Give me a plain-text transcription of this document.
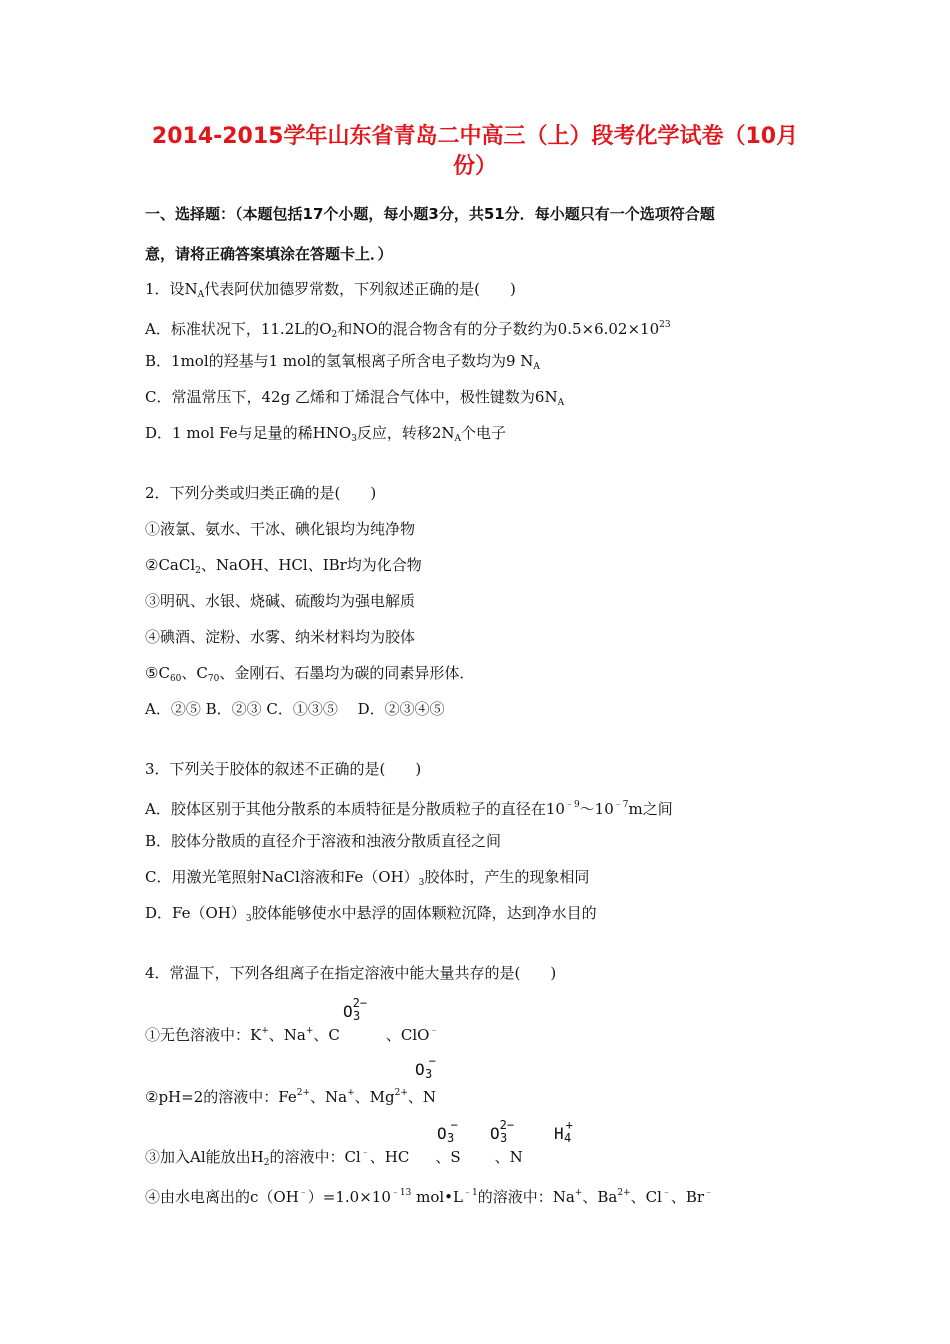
2014-2015学年山东省青岛二中高三（上）段考化学试卷（10月
份）
一、选择题：（本题包括17个小题，每小题3分，共51分．每小题只有一个选项符合题
意，请将正确答案填涂在答题卡上．）
1．设$N_A$代表阿伏加德罗常数，下列叙述正确的是(　　)
A．标准状况下，11.2L的$O_2$和NO的混合物含有的分子数约为$0.5\times 6.02\times 10^{23}$
B．1mol的羟基与1 mol的氢氧根离子所含电子数均为9 $N_A$
C．常温常压下，42g 乙烯和丁烯混合气体中，极性键数为$6N_A$
D．1 mol Fe与足量的稀$HNO_3$反应，转移$2N_A$个电子
2．下列分类或归类正确的是(　　)
①液氯、氨水、干冰、碘化银均为纯净物
②CaCl$_2$、NaOH、HCl、IBr均为化合物
③明矾、水银、烧碱、硫酸均为强电解质
④碘酒、淀粉、水雾、纳米材料均为胶体
$⑤C_{60}$、$C_{70}$、金刚石、石墨均为碳的同素异形体．
A．②⑤ B．②③ C．①③⑤　 D．②③④⑤
3．下列关于胶体的叙述不正确的是(　　)
A．胶体区别于其他分散系的本质特征是分散质粒子的直径在$10^{﹣9}\sim 10^{﹣7}m$之间
B．胶体分散质的直径介于溶液和浊液分散质直径之间
C．用激光笔照射NaCl溶液和$Fe(OH)_3$胶体时，产生的现象相同
D．$Fe(OH)_3$胶体能够使水中悬浮的固体颗粒沉降，达到净水目的
4．常温下，下列各组离子在指定溶液中能大量共存的是(　　)
①无色溶液中：K+、Na+、C	、ClO﹣
$O^{2-}$
$^3$
②pH=2的溶液中：$Fe^{2+}$、Na+、$Mg^{2+}$、N
O −
$^3$
③加入Al能放出$H_2$的溶液中：Cl﹣、HC 、S 、N
O −
$^3$ $O^{2-}$
$^3$	H +
$^4$
④由水电离出的$c(OH^﹣)=1.0\times 10^{﹣13}$ $mol•L^{﹣1}$的溶液中：Na+、$Ba^{2+}$、Cl﹣、Br﹣
